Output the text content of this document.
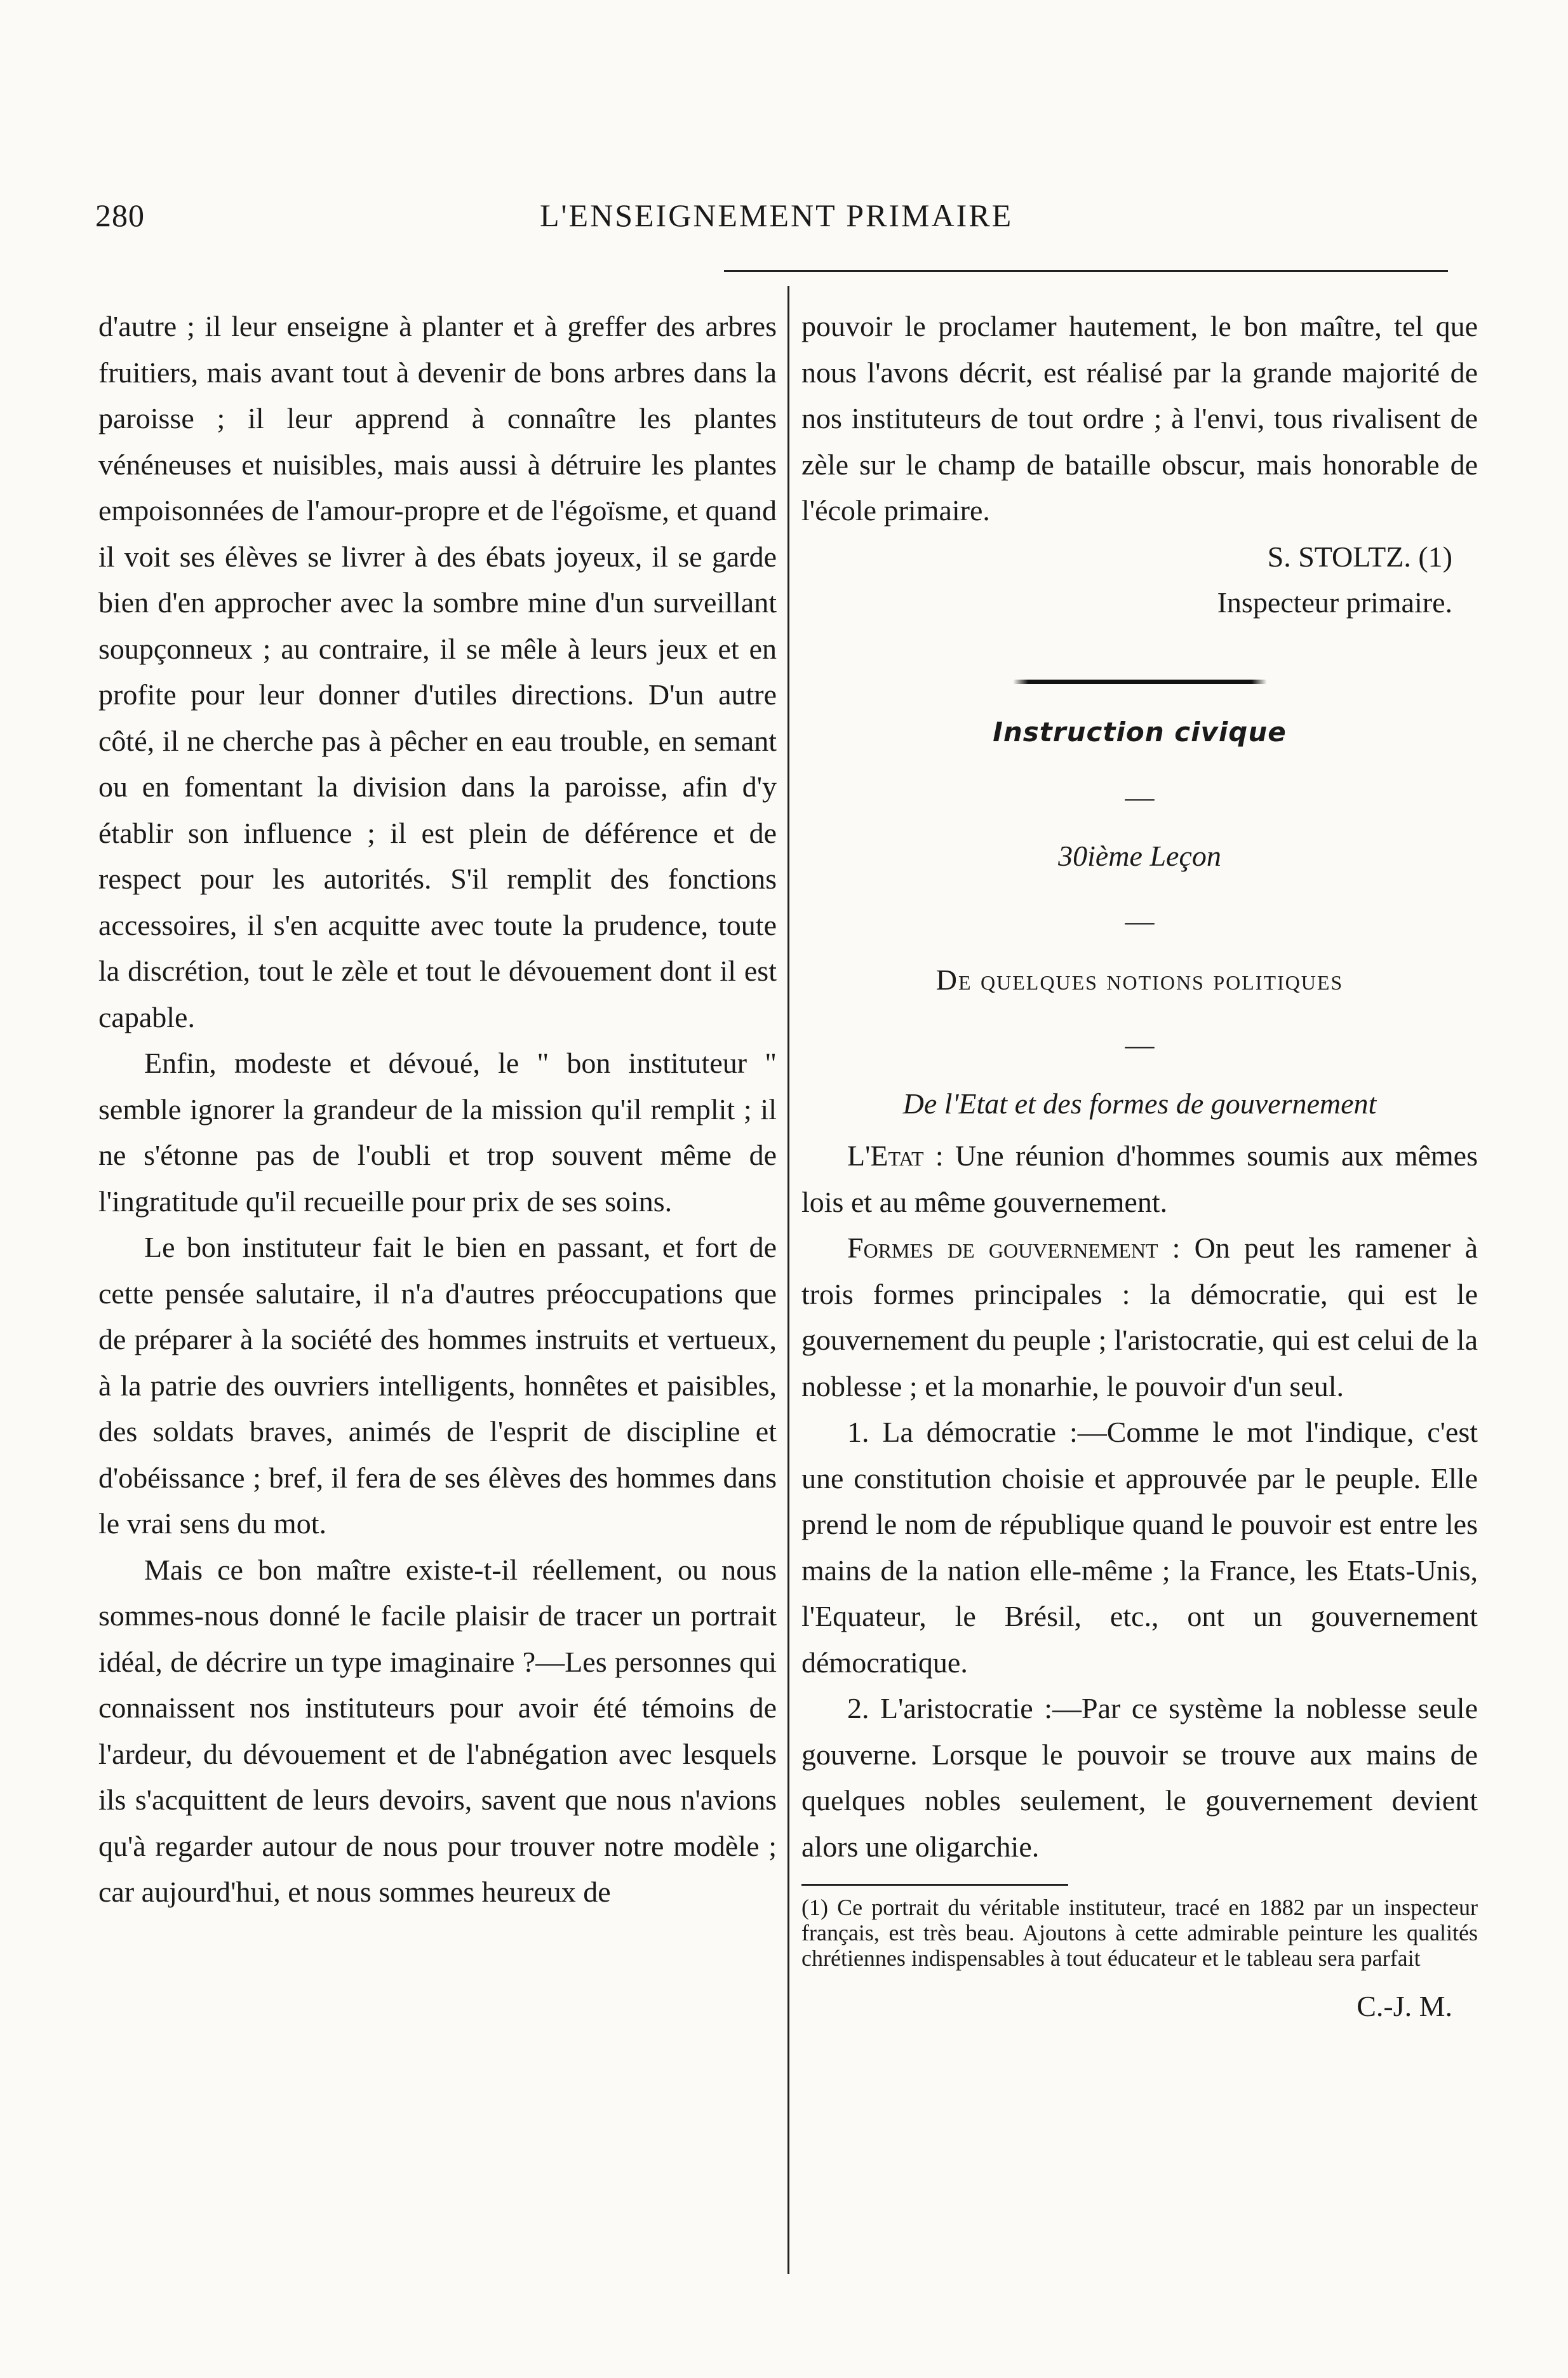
280	L'ENSEIGNEMENT PRIMAIRE

d'autre ; il leur enseigne à planter et à greffer des arbres fruitiers, mais avant tout à devenir de bons arbres dans la paroisse ; il leur apprend à connaître les plantes vénéneuses et nuisibles, mais aussi à détruire les plantes empoisonnées de l'amour-propre et de l'égoïsme, et quand il voit ses élèves se livrer à des ébats joyeux, il se garde bien d'en approcher avec la sombre mine d'un surveillant soupçonneux ; au contraire, il se mêle à leurs jeux et en profite pour leur donner d'utiles directions. D'un autre côté, il ne cherche pas à pêcher en eau trouble, en semant ou en fomentant la division dans la paroisse, afin d'y établir son influence ; il est plein de déférence et de respect pour les autorités. S'il remplit des fonctions accessoires, il s'en acquitte avec toute la prudence, toute la discrétion, tout le zèle et tout le dévouement dont il est capable.

Enfin, modeste et dévoué, le " bon instituteur " semble ignorer la grandeur de la mission qu'il remplit ; il ne s'étonne pas de l'oubli et trop souvent même de l'ingratitude qu'il recueille pour prix de ses soins.

Le bon instituteur fait le bien en passant, et fort de cette pensée salutaire, il n'a d'autres préoccupations que de préparer à la société des hommes instruits et vertueux, à la patrie des ouvriers intelligents, honnêtes et paisibles, des soldats braves, animés de l'esprit de discipline et d'obéissance ; bref, il fera de ses élèves des hommes dans le vrai sens du mot.

Mais ce bon maître existe-t-il réellement, ou nous sommes-nous donné le facile plaisir de tracer un portrait idéal, de décrire un type imaginaire ?—Les personnes qui connaissent nos instituteurs pour avoir été témoins de l'ardeur, du dévouement et de l'abnégation avec lesquels ils s'acquittent de leurs devoirs, savent que nous n'avions qu'à regarder autour de nous pour trouver notre modèle ; car aujourd'hui, et nous sommes heureux de

pouvoir le proclamer hautement, le bon maître, tel que nous l'avons décrit, est réalisé par la grande majorité de nos instituteurs de tout ordre ; à l'envi, tous rivalisent de zèle sur le champ de bataille obscur, mais honorable de l'école primaire.

S. STOLTZ. (1)

Inspecteur primaire.

Instruction civique

—

30ième Leçon

—

De quelques notions politiques

—

De l'Etat et des formes de gouvernement

L'Etat : Une réunion d'hommes soumis aux mêmes lois et au même gouvernement.

Formes de gouvernement : On peut les ramener à trois formes principales : la démocratie, qui est le gouvernement du peuple ; l'aristocratie, qui est celui de la noblesse ; et la monarhie, le pouvoir d'un seul.

1. La démocratie :—Comme le mot l'indique, c'est une constitution choisie et approuvée par le peuple. Elle prend le nom de république quand le pouvoir est entre les mains de la nation elle-même ; la France, les Etats-Unis, l'Equateur, le Brésil, etc., ont un gouvernement démocratique.

2. L'aristocratie :—Par ce système la noblesse seule gouverne. Lorsque le pouvoir se trouve aux mains de quelques nobles seulement, le gouvernement devient alors une oligarchie.

(1) Ce portrait du véritable instituteur, tracé en 1882 par un inspecteur français, est très beau. Ajoutons à cette admirable peinture les qualités chrétiennes indispensables à tout éducateur et le tableau sera parfait

C.-J. M.
